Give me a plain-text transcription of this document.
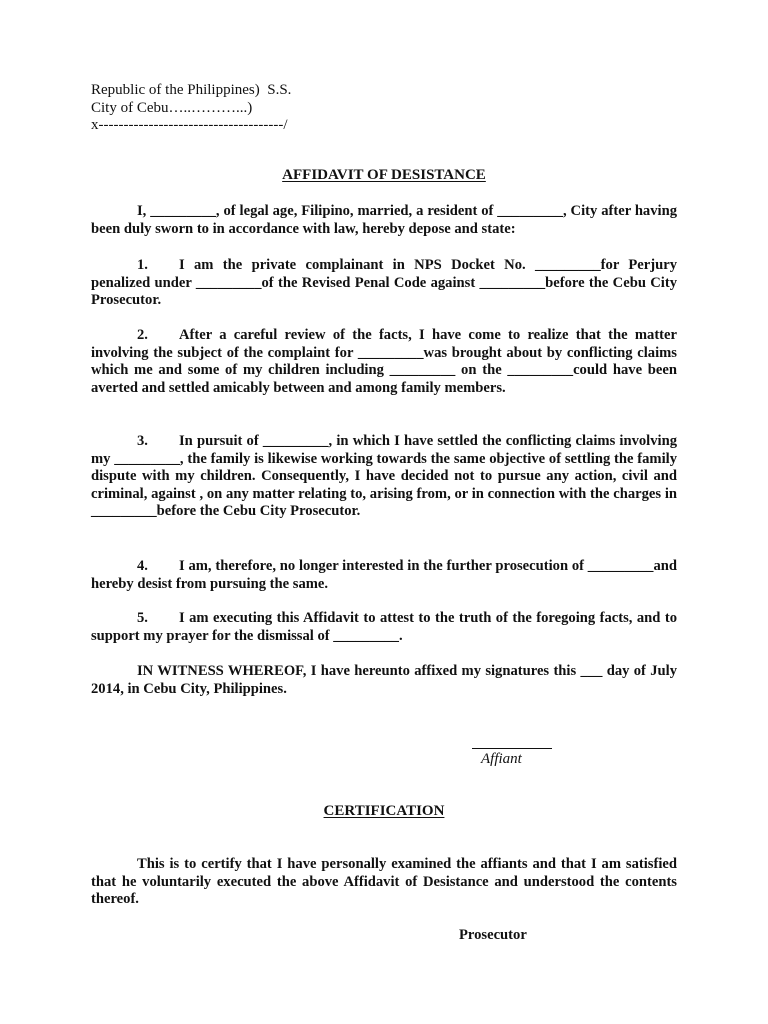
Republic of the Philippines)  S.S.
City of Cebu…..………...)
x-------------------------------------/
AFFIDAVIT OF DESISTANCE
I, _________, of legal age, Filipino, married, a resident of _________, City after having been duly sworn to in accordance with law, hereby depose and state:
1. I am the private complainant in NPS Docket No. _________for Perjury penalized under _________of the Revised Penal Code against _________before the Cebu City Prosecutor.
2. After a careful review of the facts, I have come to realize that the matter involving the subject of the complaint for _________was brought about by conflicting claims which me and some of my children including _________ on the _________could have been averted and settled amicably between and among family members.
3. In pursuit of _________, in which I have settled the conflicting claims involving my _________, the family is likewise working towards the same objective of settling the family dispute with my children. Consequently, I have decided not to pursue any action, civil and criminal, against , on any matter relating to, arising from, or in connection with the charges in _________before the Cebu City Prosecutor.
4. I am, therefore, no longer interested in the further prosecution of _________and hereby desist from pursuing the same.
5. I am executing this Affidavit to attest to the truth of the foregoing facts, and to support my prayer for the dismissal of _________.
IN WITNESS WHEREOF, I have hereunto affixed my signatures this ___ day of July 2014, in Cebu City, Philippines.
Affiant
CERTIFICATION
This is to certify that I have personally examined the affiants and that I am satisfied that he voluntarily executed the above Affidavit of Desistance and understood the contents thereof.
Prosecutor
